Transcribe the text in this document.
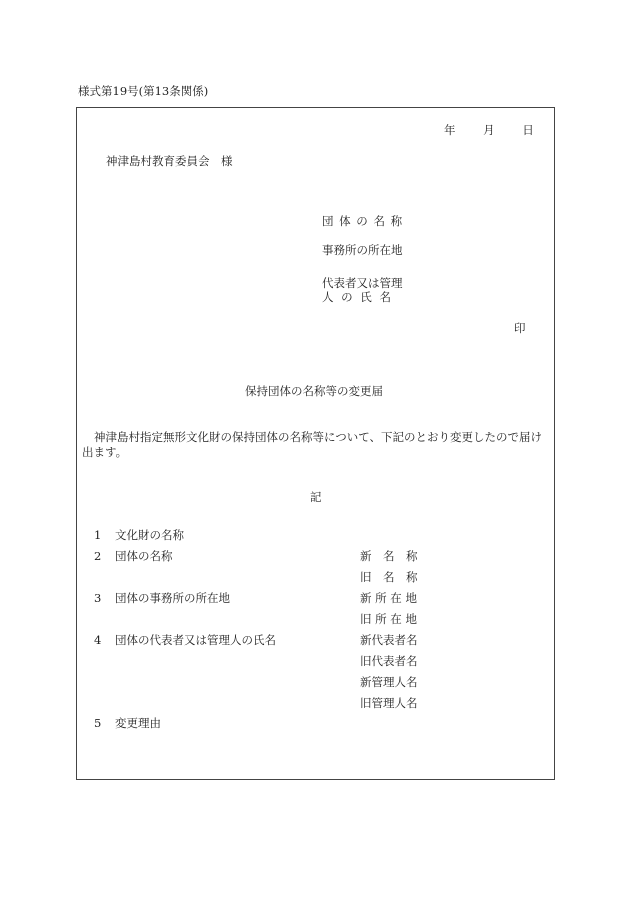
様式第19号(第13条関係)
年 月 日
神津島村教育委員会　様
団 体 の 名 称
事務所の所在地
代表者又は管理
人 の 氏 名
印
保持団体の名称等の変更届
神津島村指定無形文化財の保持団体の名称等について、下記のとおり変更したので届け出ます。
記
1 文化財の名称
2 団体の名称
3 団体の事務所の所在地
4 団体の代表者又は管理人の氏名
5 変更理由
新　名　称
旧　名　称
新 所 在 地
旧 所 在 地
新代表者名
旧代表者名
新管理人名
旧管理人名
